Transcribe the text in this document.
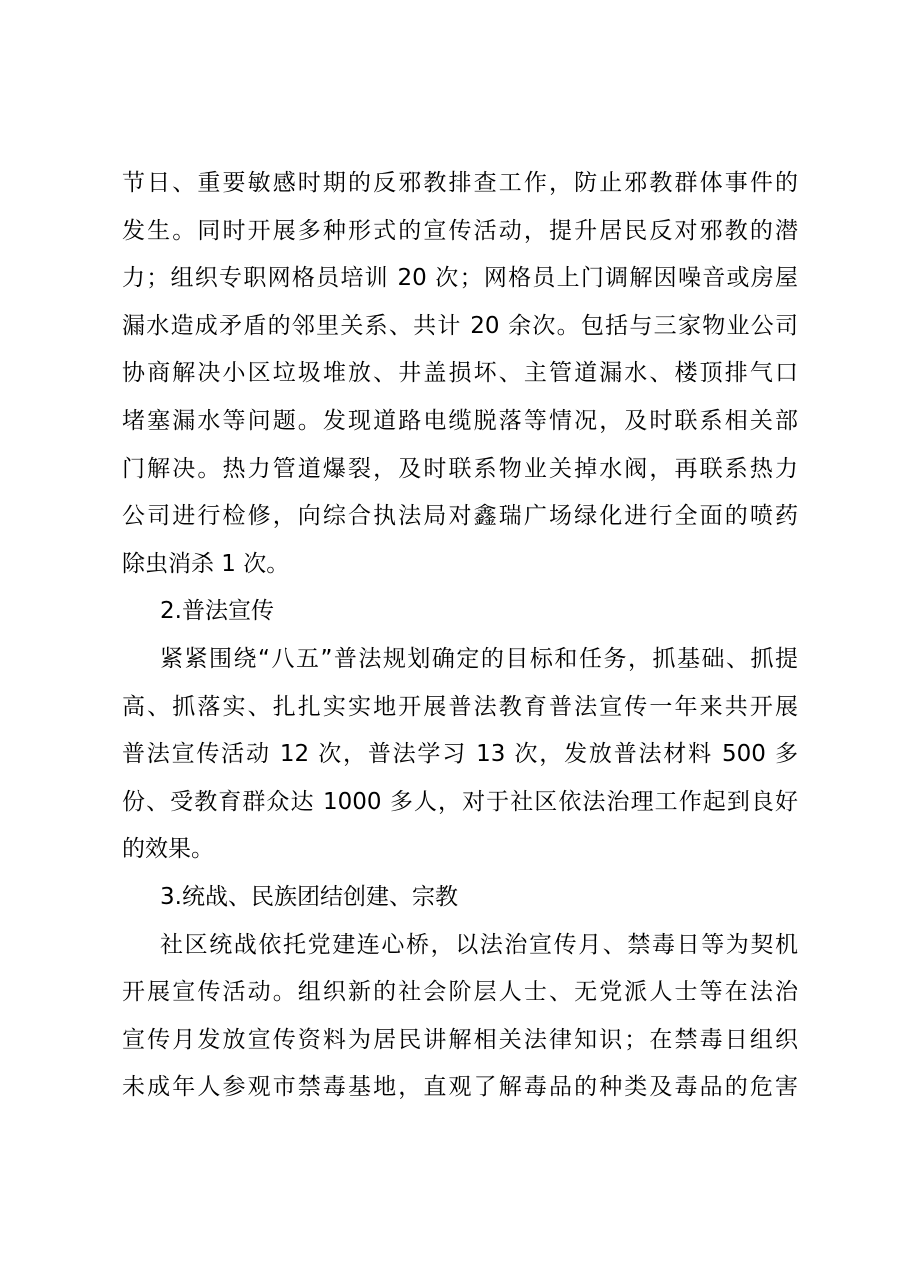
节日、重要敏感时期的反邪教排查工作，防止邪教群体事件的
发生。同时开展多种形式的宣传活动，提升居民反对邪教的潜
力；组织专职网格员培训 20 次；网格员上门调解因噪音或房屋
漏水造成矛盾的邻里关系、共计 20 余次。包括与三家物业公司
协商解决小区垃圾堆放、井盖损坏、主管道漏水、楼顶排气口
堵塞漏水等问题。发现道路电缆脱落等情况，及时联系相关部
门解决。热力管道爆裂，及时联系物业关掉水阀，再联系热力
公司进行检修，向综合执法局对鑫瑞广场绿化进行全面的喷药
除虫消杀 1 次。
2.普法宣传
紧紧围绕“八五”普法规划确定的目标和任务，抓基础、抓提
高、抓落实、扎扎实实地开展普法教育普法宣传一年来共开展
普法宣传活动 12 次，普法学习 13 次，发放普法材料 500 多
份、受教育群众达 1000 多人，对于社区依法治理工作起到良好
的效果。
3.统战、民族团结创建、宗教
社区统战依托党建连心桥，以法治宣传月、禁毒日等为契机
开展宣传活动。组织新的社会阶层人士、无党派人士等在法治
宣传月发放宣传资料为居民讲解相关法律知识；在禁毒日组织
未成年人参观市禁毒基地，直观了解毒品的种类及毒品的危害
